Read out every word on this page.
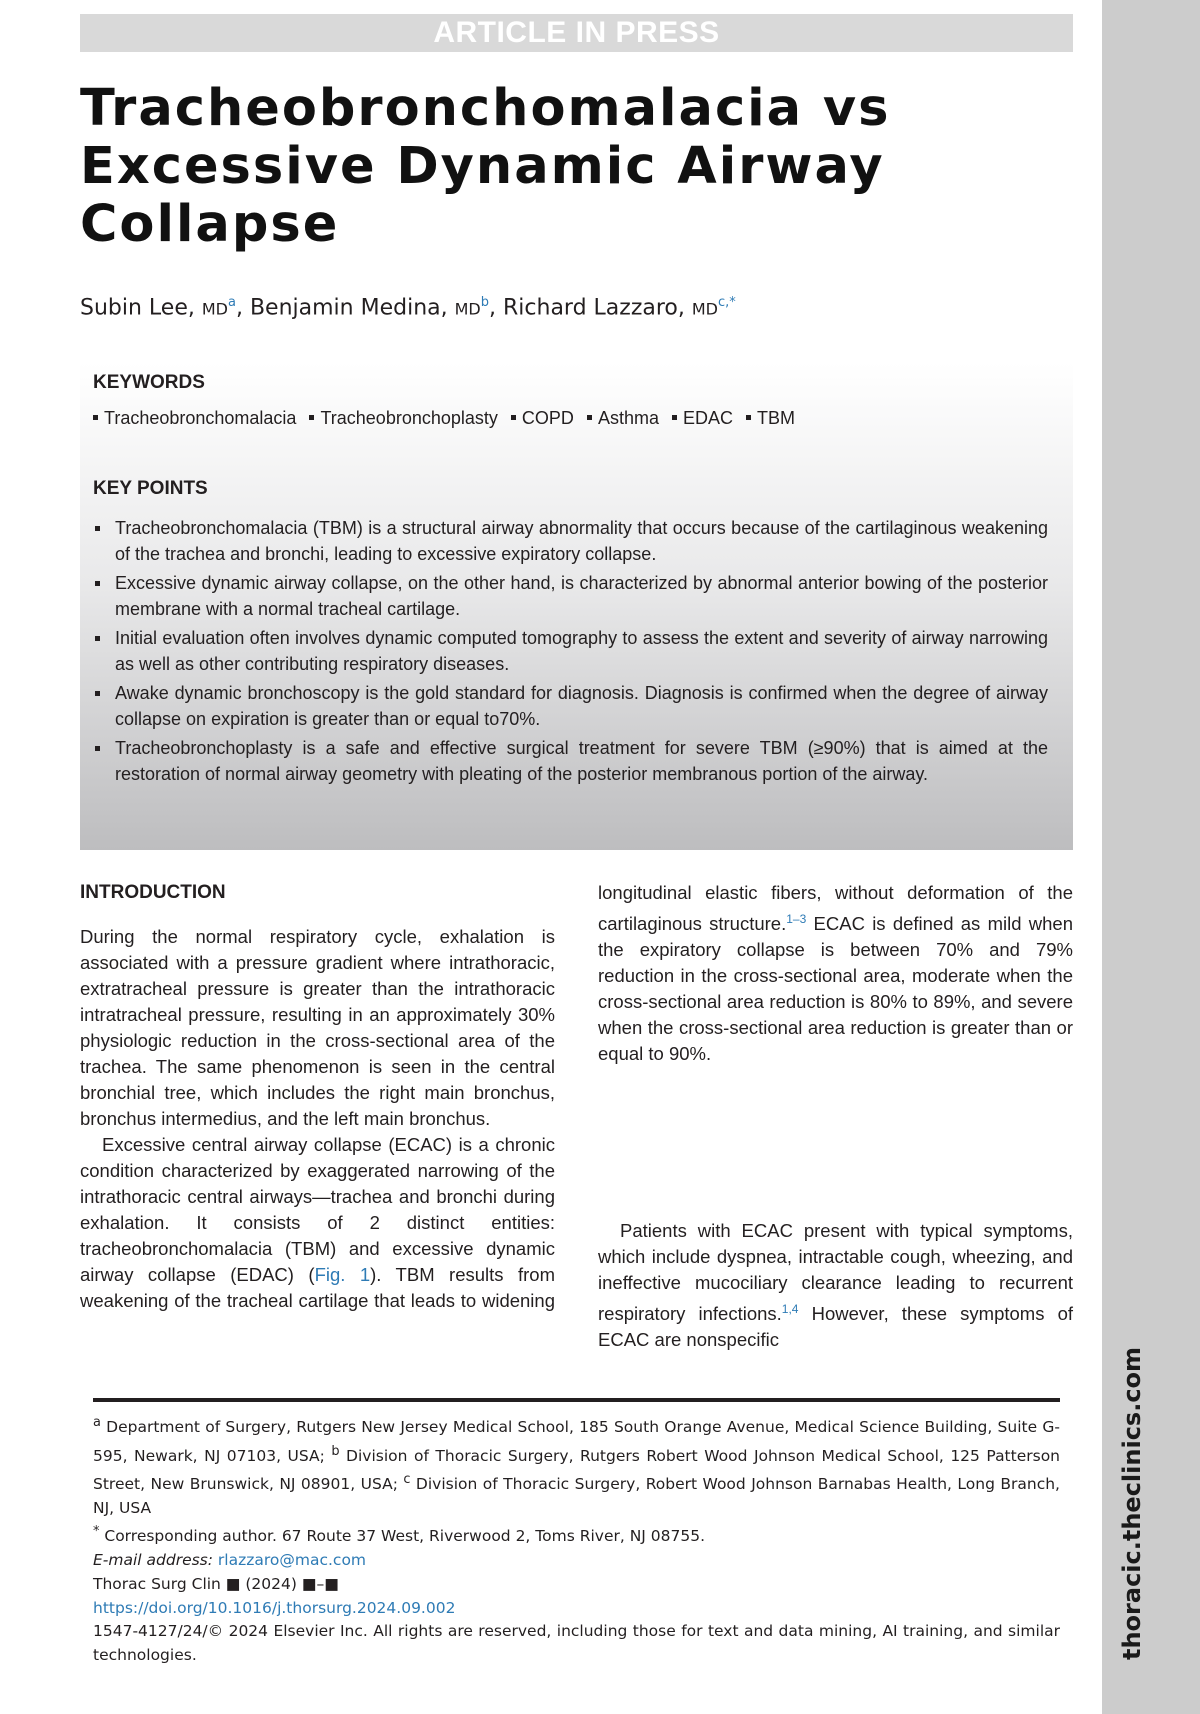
ARTICLE IN PRESS
thoracic.theclinics.com
Tracheobronchomalacia vs
Excessive Dynamic Airway
Collapse
Subin Lee, $MD^a$, Benjamin Medina, $MD^b$, Richard Lazzaro, $MD^{c,*}$
KEYWORDS
Tracheobronchomalacia Tracheobronchoplasty COPD Asthma EDAC TBM
KEY POINTS
Tracheobronchomalacia (TBM) is a structural airway abnormality that occurs because of the cartilaginous weakening of the trachea and bronchi, leading to excessive expiratory collapse.
Excessive dynamic airway collapse, on the other hand, is characterized by abnormal anterior bowing of the posterior membrane with a normal tracheal cartilage.
Initial evaluation often involves dynamic computed tomography to assess the extent and severity of airway narrowing as well as other contributing respiratory diseases.
Awake dynamic bronchoscopy is the gold standard for diagnosis. Diagnosis is confirmed when the degree of airway collapse on expiration is greater than or equal to70%.
Tracheobronchoplasty is a safe and effective surgical treatment for severe TBM (≥90%) that is aimed at the restoration of normal airway geometry with pleating of the posterior membranous portion of the airway.
INTRODUCTION

During the normal respiratory cycle, exhalation is associated with a pressure gradient where intrathoracic, extratracheal pressure is greater than the intrathoracic intratracheal pressure, resulting in an approximately 30% physiologic reduction in the cross-sectional area of the trachea. The same phenomenon is seen in the central bronchial tree, which includes the right main bronchus, bronchus intermedius, and the left main bronchus.

Excessive central airway collapse (ECAC) is a chronic condition characterized by exaggerated narrowing of the intrathoracic central airways—trachea and bronchi during exhalation. It consists of 2 distinct entities: tracheobronchomalacia (TBM) and excessive dynamic airway collapse (EDAC) (Fig. 1). TBM results from weakening of the tracheal cartilage that leads to widening

longitudinal elastic fibers, without deformation of the cartilaginous structure.$^{1-3}$ ECAC is defined as mild when the expiratory collapse is between 70% and 79% reduction in the cross-sectional area, moderate when the cross-sectional area reduction is 80% to 89%, and severe when the cross-sectional area reduction is greater than or equal to 90%.

Patients with ECAC present with typical symptoms, which include dyspnea, intractable cough, wheezing, and ineffective mucociliary clearance leading to recurrent respiratory infections.$^{1,4}$ However, these symptoms of ECAC are nonspecific

$^a$ Department of Surgery, Rutgers New Jersey Medical School, 185 South Orange Avenue, Medical Science Building, Suite G-595, Newark, NJ 07103, USA; $^b$ Division of Thoracic Surgery, Rutgers Robert Wood Johnson Medical School, 125 Patterson Street, New Brunswick, NJ 08901, USA; $^c$ Division of Thoracic Surgery, Robert Wood Johnson Barnabas Health, Long Branch, NJ, USA
* Corresponding author. 67 Route 37 West, Riverwood 2, Toms River, NJ 08755.
E-mail address: rlazzaro@mac.com
Thorac Surg Clin ■ (2024) ■–■
https://doi.org/10.1016/j.thorsurg.2024.09.002
1547-4127/24/© 2024 Elsevier Inc. All rights are reserved, including those for text and data mining, AI training, and similar technologies.
